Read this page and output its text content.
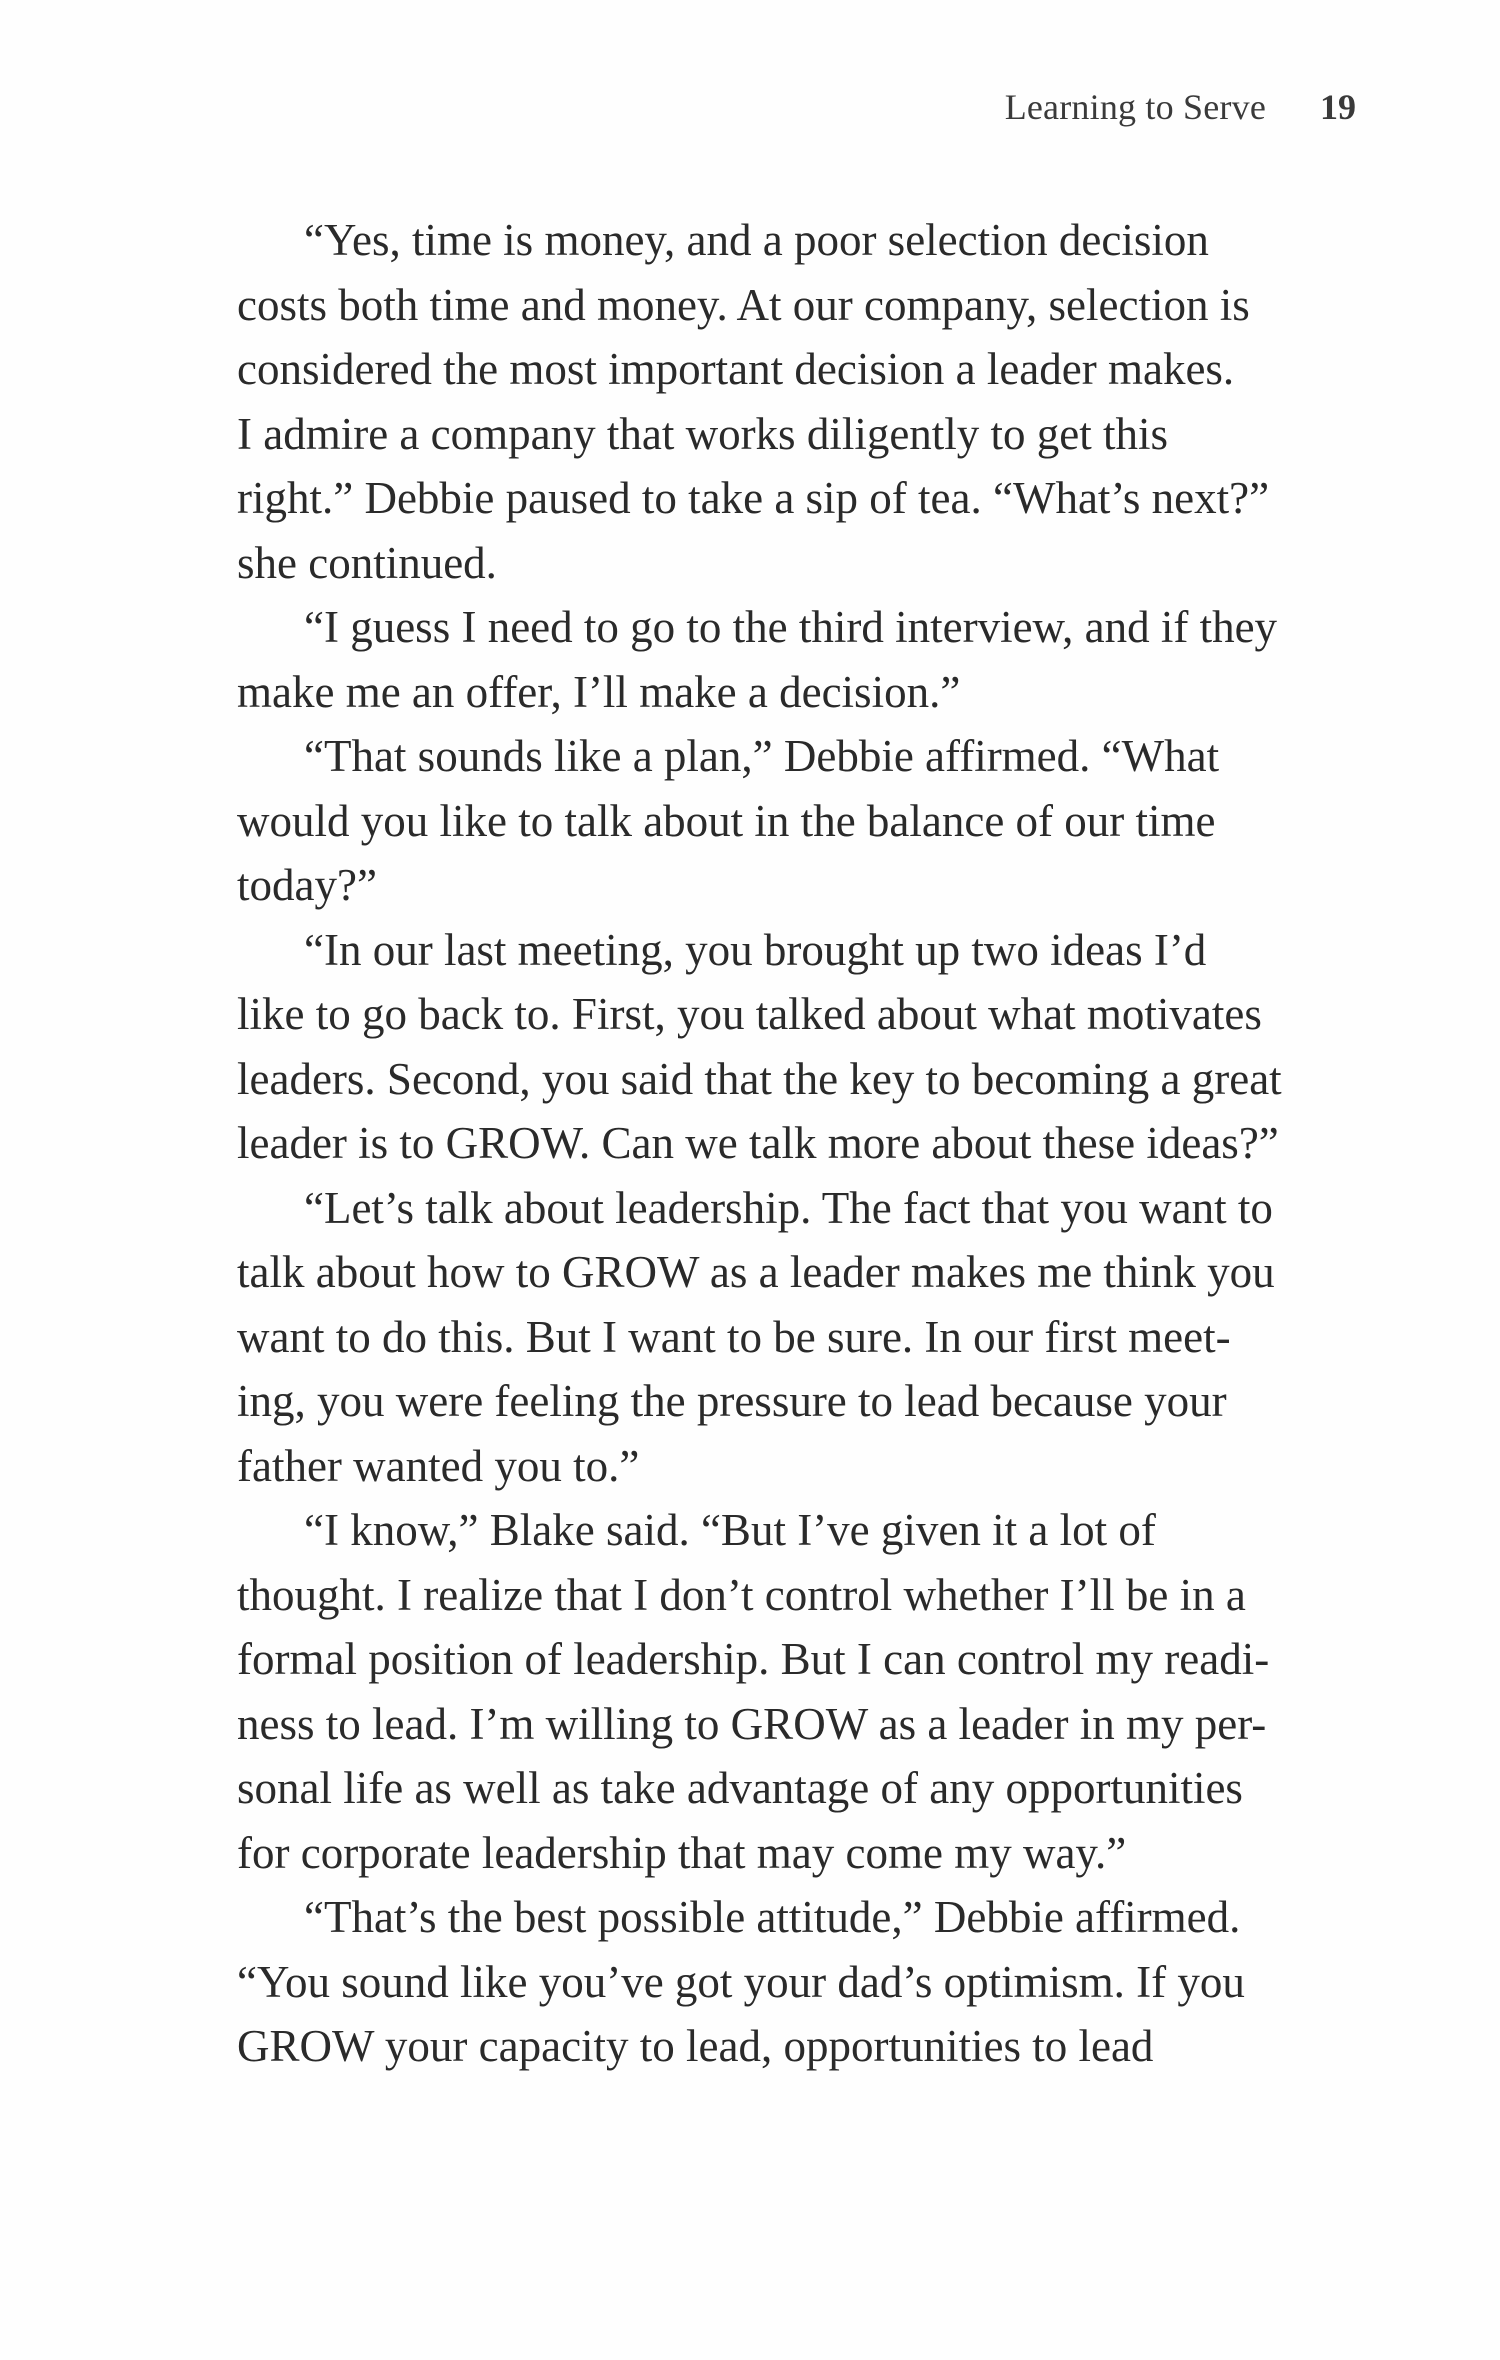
Learning to Serve 19
“Yes, time is money, and a poor selection decision
costs both time and money. At our company, selection is
considered the most important decision a leader makes.
I admire a company that works diligently to get this
right.” Debbie paused to take a sip of tea. “What’s next?”
she continued.
“I guess I need to go to the third interview, and if they
make me an offer, I’ll make a decision.”
“That sounds like a plan,” Debbie affirmed. “What
would you like to talk about in the balance of our time
today?”
“In our last meeting, you brought up two ideas I’d
like to go back to. First, you talked about what motivates
leaders. Second, you said that the key to becoming a great
leader is to GROW. Can we talk more about these ideas?”
“Let’s talk about leadership. The fact that you want to
talk about how to GROW as a leader makes me think you
want to do this. But I want to be sure. In our first meet-
ing, you were feeling the pressure to lead because your
father wanted you to.”
“I know,” Blake said. “But I’ve given it a lot of
thought. I realize that I don’t control whether I’ll be in a
formal position of leadership. But I can control my readi-
ness to lead. I’m willing to GROW as a leader in my per-
sonal life as well as take advantage of any opportunities
for corporate leadership that may come my way.”
“That’s the best possible attitude,” Debbie affirmed.
“You sound like you’ve got your dad’s optimism. If you
GROW your capacity to lead, opportunities to lead
